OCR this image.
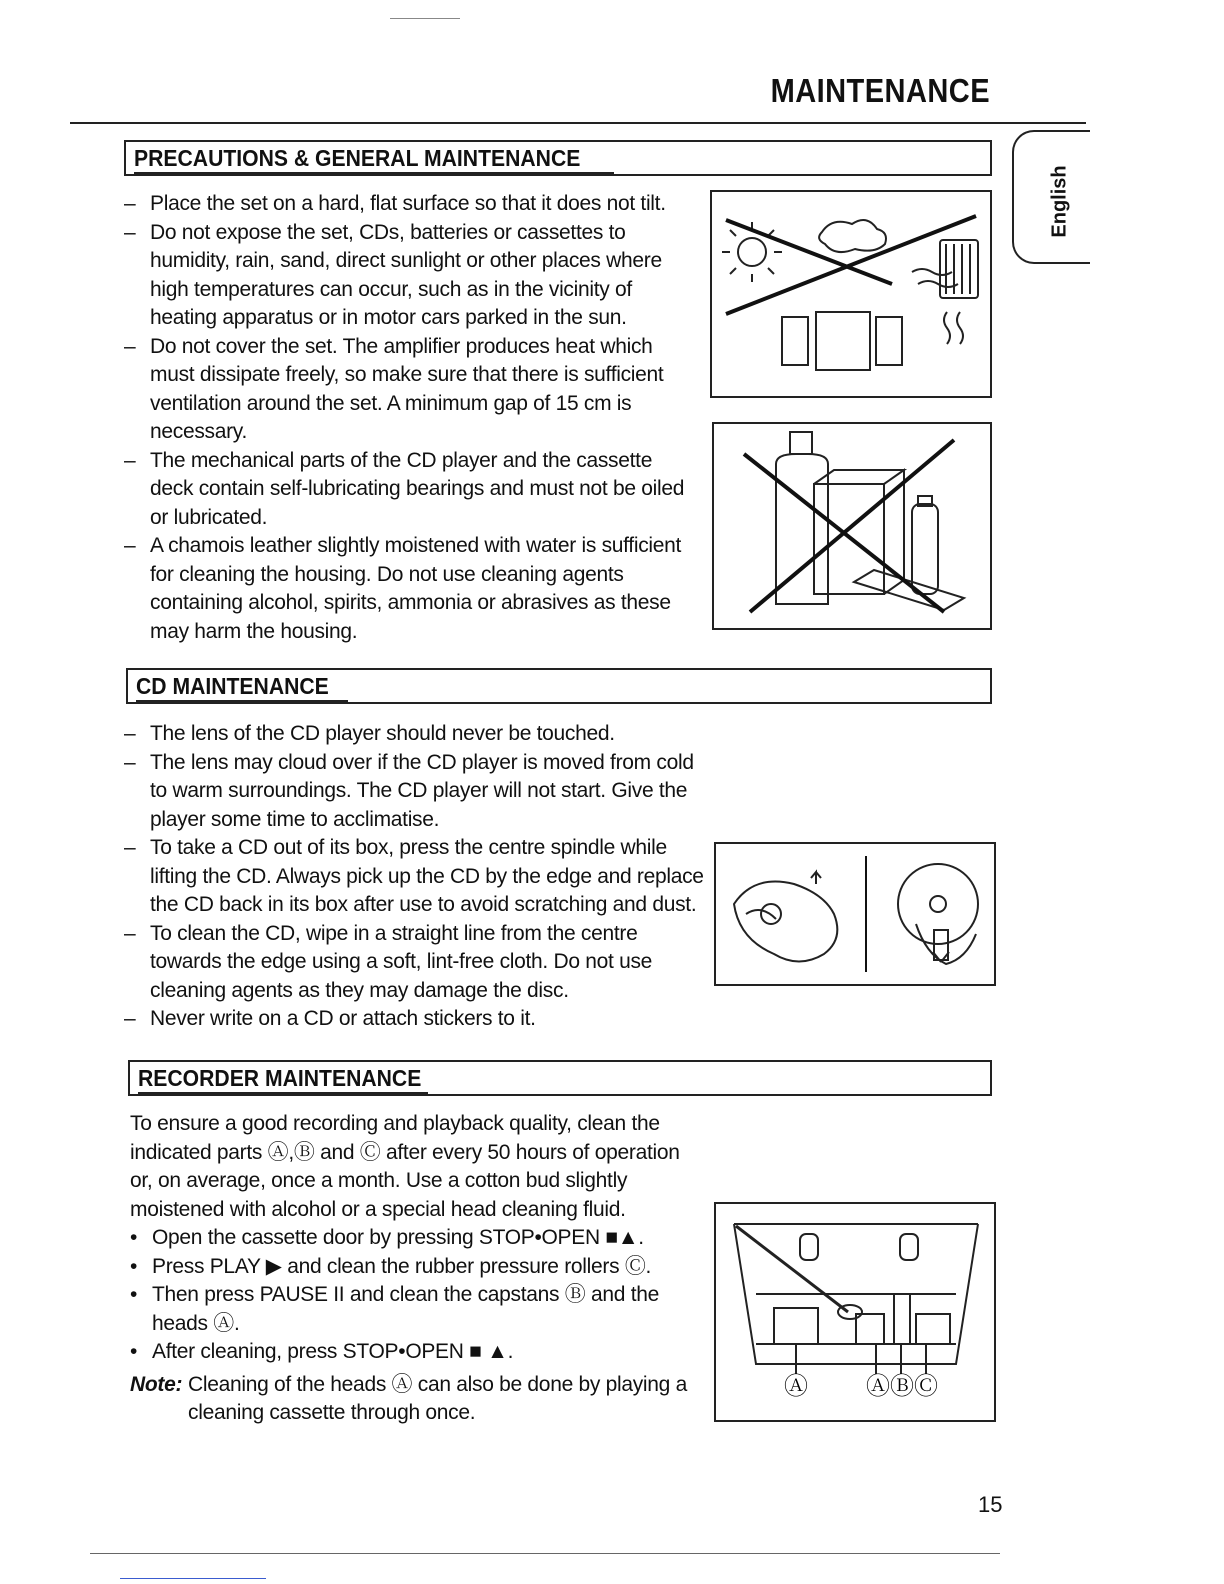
MAINTENANCE
English
PRECAUTIONS & GENERAL MAINTENANCE
– Place the set on a hard, flat surface so that it does not tilt.
– Do not expose the set, CDs, batteries or cassettes to humidity, rain, sand, direct sunlight or other places where high temperatures can occur, such as in the vicinity of heating apparatus or in motor cars parked in the sun.
– Do not cover the set. The amplifier produces heat which must dissipate freely, so make sure that there is sufficient ventilation around the set. A minimum gap of 15 cm is necessary.
– The mechanical parts of the CD player and the cassette deck contain self-lubricating bearings and must not be oiled or lubricated.
– A chamois leather slightly moistened with water is sufficient for cleaning the housing. Do not use cleaning agents containing alcohol, spirits, ammonia or abrasives as these may harm the housing.
CD MAINTENANCE
– The lens of the CD player should never be touched.
– The lens may cloud over if the CD player is moved from cold to warm surroundings. The CD player will not start. Give the player some time to acclimatise.
– To take a CD out of its box, press the centre spindle while lifting the CD. Always pick up the CD by the edge and replace the CD back in its box after use to avoid scratching and dust.
– To clean the CD, wipe in a straight line from the centre towards the edge using a soft, lint-free cloth. Do not use cleaning agents as they may damage the disc.
– Never write on a CD or attach stickers to it.
RECORDER MAINTENANCE
To ensure a good recording and playback quality, clean the indicated parts Ⓐ,Ⓑ and Ⓒ after every 50 hours of operation or, on average, once a month. Use a cotton bud slightly moistened with alcohol or a special head cleaning fluid.
• Open the cassette door by pressing STOP•OPEN ■▲.
• Press PLAY ▶ and clean the rubber pressure rollers Ⓒ.
• Then press PAUSE II and clean the capstans Ⓑ and the heads Ⓐ.
• After cleaning, press STOP•OPEN ■ ▲.
Note: Cleaning of the heads Ⓐ can also be done by playing a cleaning cassette through once.
Ⓐ ⒶⒷⒸ
15
